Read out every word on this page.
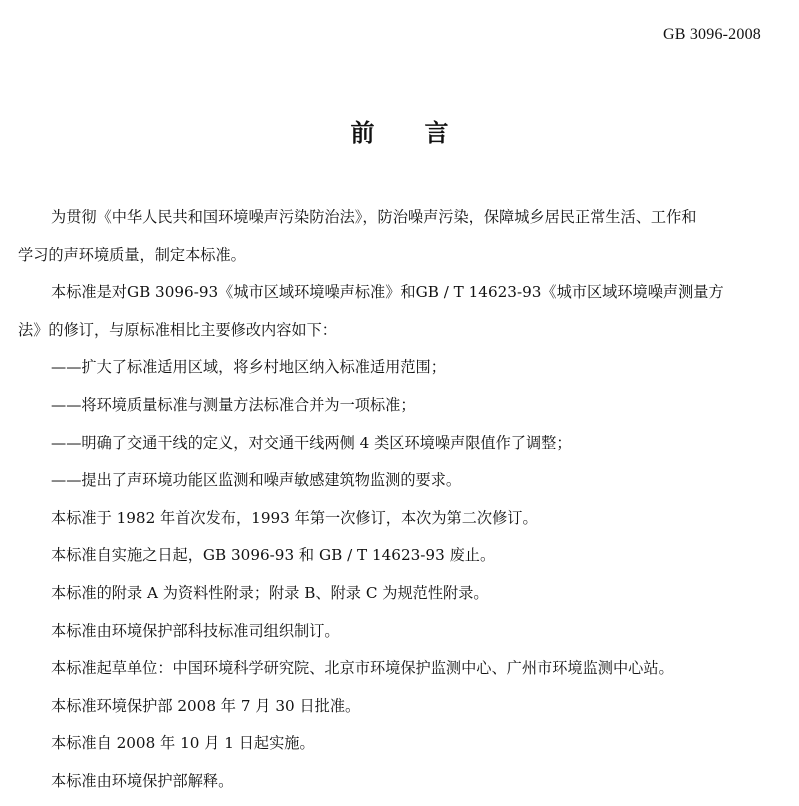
GB 3096-2008
前 言

为贯彻《中华人民共和国环境噪声污染防治法》，防治噪声污染，保障城乡居民正常生活、工作和

学习的声环境质量，制定本标准。

本标准是对GB 3096-93《城市区域环境噪声标准》和GB / T 14623-93《城市区域环境噪声测量方

法》的修订，与原标准相比主要修改内容如下：

——扩大了标准适用区域，将乡村地区纳入标准适用范围；

——将环境质量标准与测量方法标准合并为一项标准；

——明确了交通干线的定义，对交通干线两侧 4 类区环境噪声限值作了调整；

——提出了声环境功能区监测和噪声敏感建筑物监测的要求。

本标准于 1982 年首次发布，1993 年第一次修订，本次为第二次修订。

本标准自实施之日起，GB 3096-93 和 GB / T 14623-93 废止。

本标准的附录 A 为资料性附录；附录 B、附录 C 为规范性附录。

本标准由环境保护部科技标准司组织制订。

本标准起草单位：中国环境科学研究院、北京市环境保护监测中心、广州市环境监测中心站。

本标准环境保护部 2008 年 7 月 30 日批准。

本标准自 2008 年 10 月 1 日起实施。

本标准由环境保护部解释。
